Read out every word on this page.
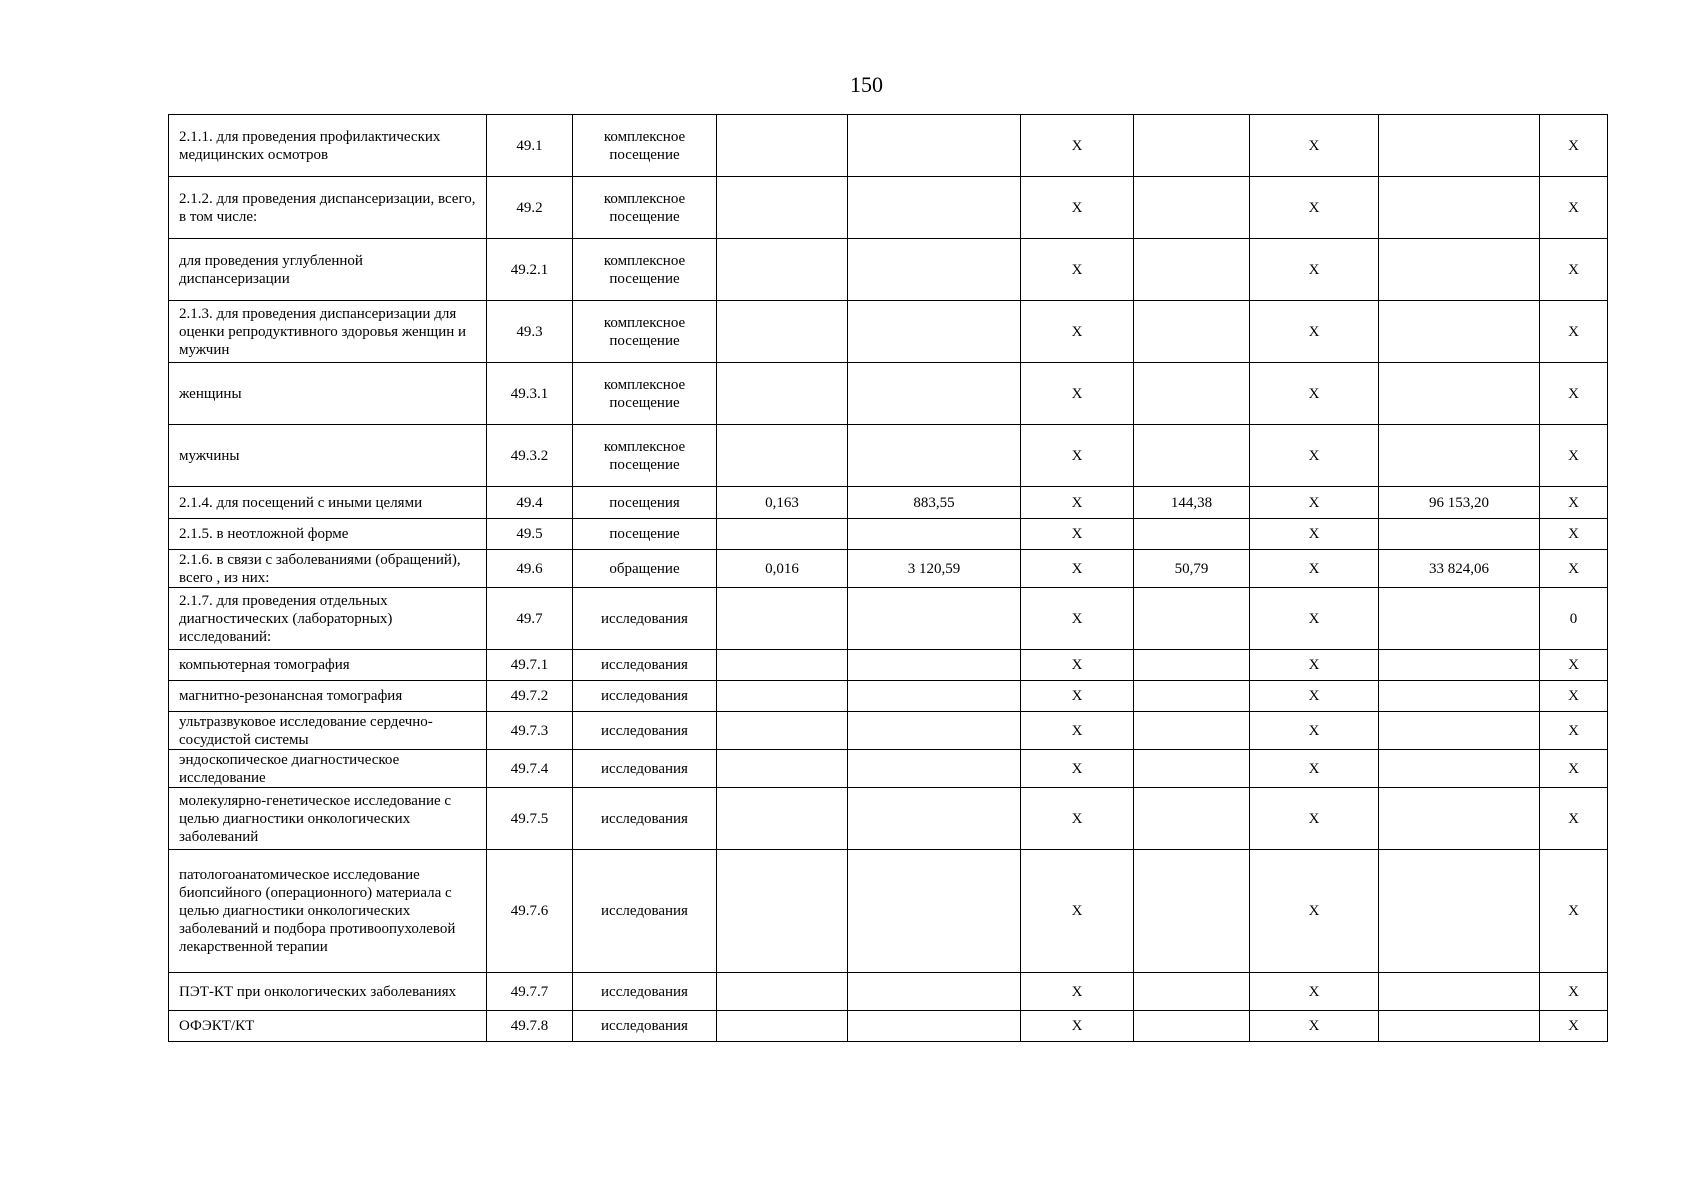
150
2.1.1. для проведения профилактических медицинских осмотров	49.1	комплексное посещение			X		X		X
2.1.2. для проведения диспансеризации, всего, в том числе:	49.2	комплексное посещение			X		X		X
для проведения углубленной диспансеризации	49.2.1	комплексное посещение			X		X		X
2.1.3. для проведения диспансеризации для оценки репродуктивного здоровья женщин и мужчин	49.3	комплексное посещение			X		X		X
женщины	49.3.1	комплексное посещение			X		X		X
мужчины	49.3.2	комплексное посещение			X		X		X
2.1.4. для посещений с иными целями	49.4	посещения	0,163	883,55	X	144,38	X	96 153,20	X
2.1.5. в неотложной форме	49.5	посещение			X		X		X
2.1.6. в связи с заболеваниями (обращений), всего , из них:	49.6	обращение	0,016	3 120,59	X	50,79	X	33 824,06	X
2.1.7. для проведения отдельных диагностических (лабораторных) исследований:	49.7	исследования			X		X		0
компьютерная томография	49.7.1	исследования			X		X		X
магнитно-резонансная томография	49.7.2	исследования			X		X		X
ультразвуковое исследование сердечно-сосудистой системы	49.7.3	исследования			X		X		X
эндоскопическое диагностическое исследование	49.7.4	исследования			X		X		X
молекулярно-генетическое исследование с целью диагностики онкологических заболеваний	49.7.5	исследования			X		X		X
патологоанатомическое исследование биопсийного (операционного) материала с целью диагностики онкологических заболеваний и подбора противоопухолевой лекарственной терапии	49.7.6	исследования			X		X		X
ПЭТ-КТ при онкологических заболеваниях	49.7.7	исследования			X		X		X
ОФЭКТ/КТ	49.7.8	исследования			X		X		X
